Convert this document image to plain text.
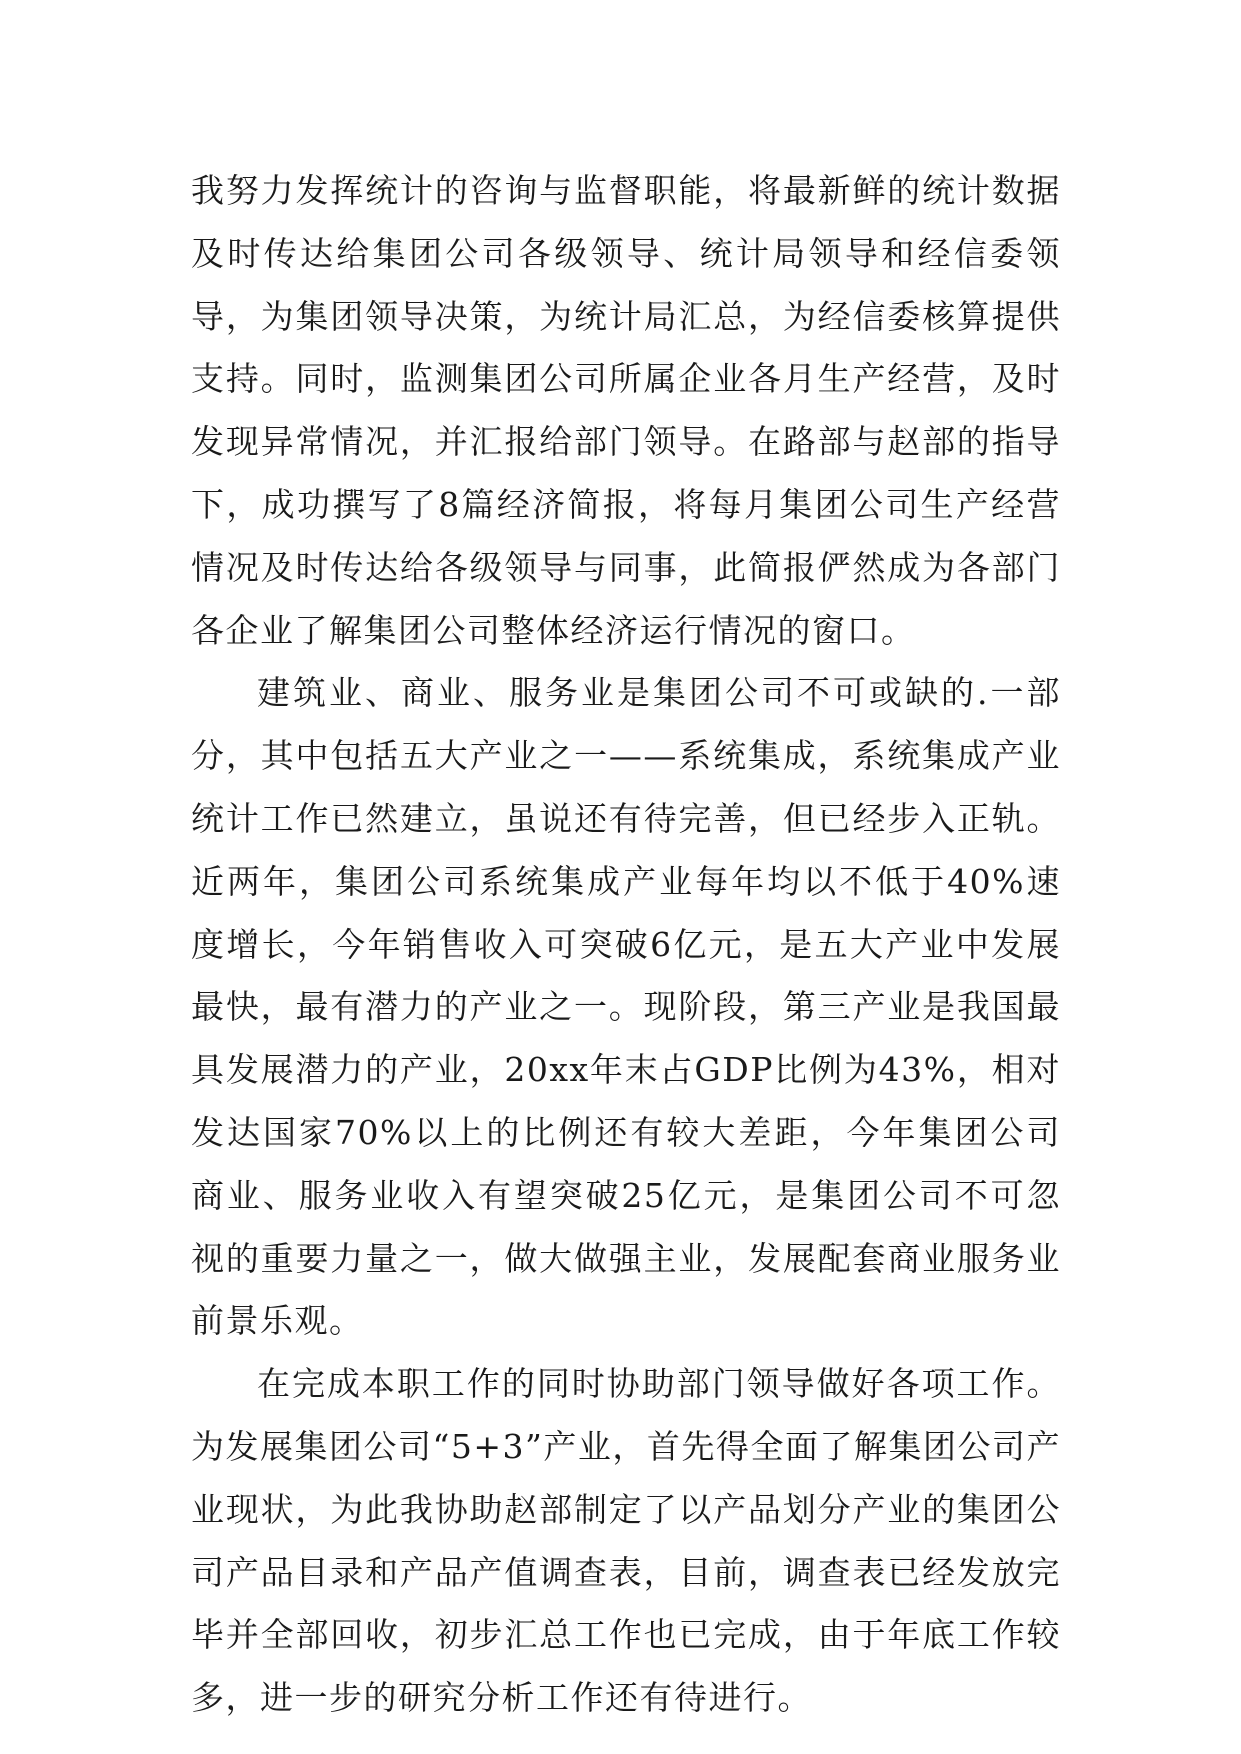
我努力发挥统计的咨询与监督职能，将最新鲜的统计数据及时传达给集团公司各级领导、统计局领导和经信委领导，为集团领导决策，为统计局汇总，为经信委核算提供支持。同时，监测集团公司所属企业各月生产经营，及时发现异常情况，并汇报给部门领导。在路部与赵部的指导下，成功撰写了8篇经济简报，将每月集团公司生产经营情况及时传达给各级领导与同事，此简报俨然成为各部门各企业了解集团公司整体经济运行情况的窗口。

建筑业、商业、服务业是集团公司不可或缺的.一部分，其中包括五大产业之一——系统集成，系统集成产业统计工作已然建立，虽说还有待完善，但已经步入正轨。近两年，集团公司系统集成产业每年均以不低于40%速度增长，今年销售收入可突破6亿元，是五大产业中发展最快，最有潜力的产业之一。现阶段，第三产业是我国最具发展潜力的产业，20xx年末占GDP比例为43%，相对发达国家70%以上的比例还有较大差距，今年集团公司商业、服务业收入有望突破25亿元，是集团公司不可忽视的重要力量之一，做大做强主业，发展配套商业服务业前景乐观。

在完成本职工作的同时协助部门领导做好各项工作。为发展集团公司“5+3”产业，首先得全面了解集团公司产业现状，为此我协助赵部制定了以产品划分产业的集团公司产品目录和产品产值调查表，目前，调查表已经发放完毕并全部回收，初步汇总工作也已完成，由于年底工作较多，进一步的研究分析工作还有待进行。
